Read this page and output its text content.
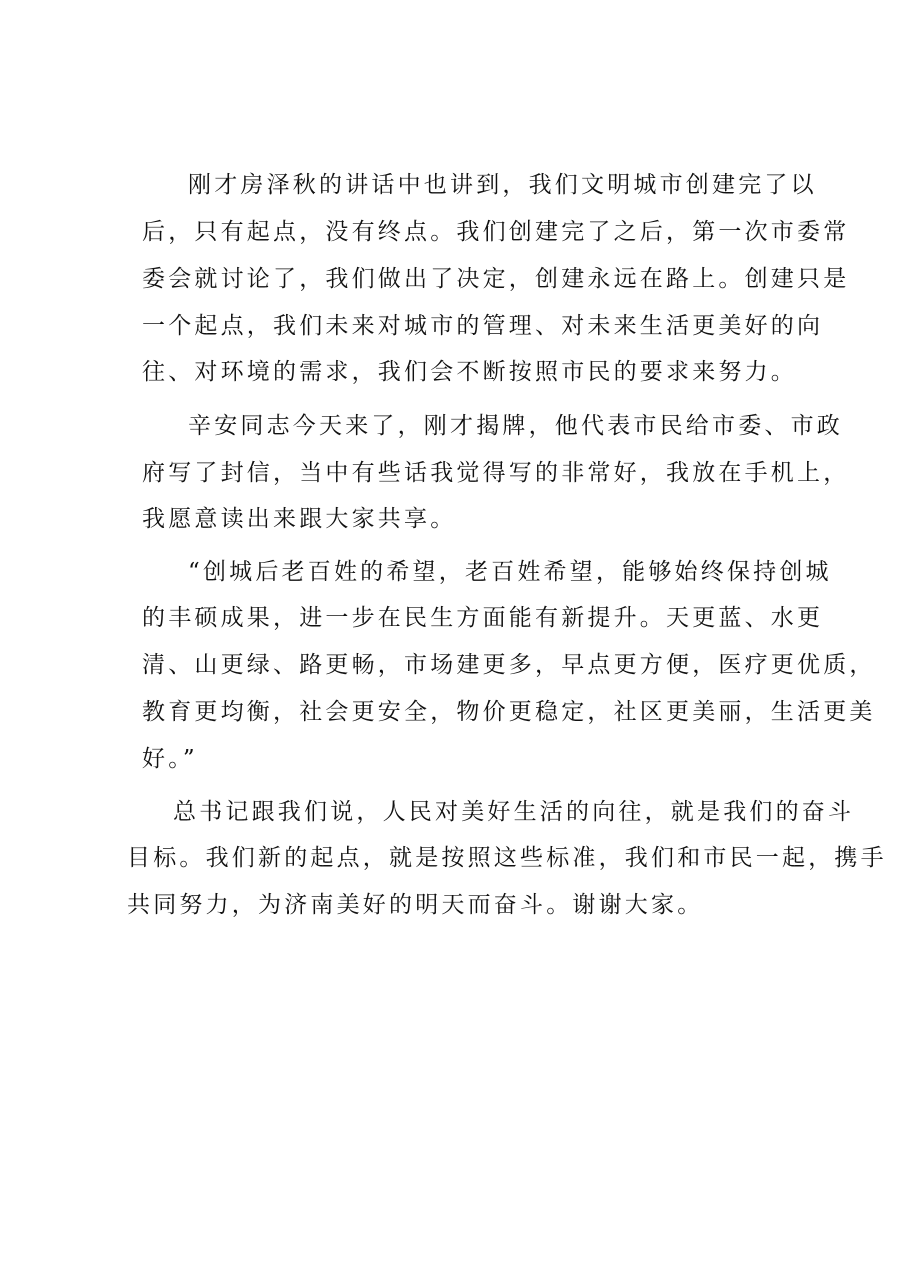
刚才房泽秋的讲话中也讲到，我们文明城市创建完了以
后，只有起点，没有终点。我们创建完了之后，第一次市委常
委会就讨论了，我们做出了决定，创建永远在路上。创建只是
一个起点，我们未来对城市的管理、对未来生活更美好的向
往、对环境的需求，我们会不断按照市民的要求来努力。
辛安同志今天来了，刚才揭牌，他代表市民给市委、市政
府写了封信，当中有些话我觉得写的非常好，我放在手机上，
我愿意读出来跟大家共享。
“创城后老百姓的希望，老百姓希望，能够始终保持创城
的丰硕成果，进一步在民生方面能有新提升。天更蓝、水更
清、山更绿、路更畅，市场建更多，早点更方便，医疗更优质，
教育更均衡，社会更安全，物价更稳定，社区更美丽，生活更美
好。”
总书记跟我们说，人民对美好生活的向往，就是我们的奋斗
目标。我们新的起点，就是按照这些标准，我们和市民一起，携手
共同努力，为济南美好的明天而奋斗。谢谢大家。
